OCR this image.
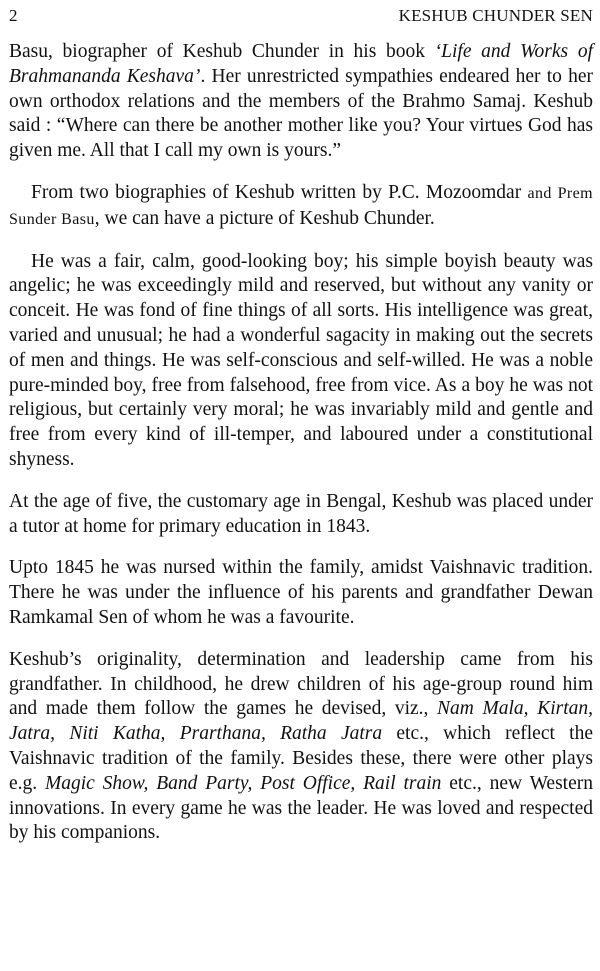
2	KESHUB CHUNDER SEN

Basu, biographer of Keshub Chunder in his book ‘Life and Works of Brahmananda Keshava’. Her unrestricted sympathies endeared her to her own orthodox relations and the members of the Brahmo Samaj. Keshub said : “Where can there be another mother like you? Your virtues God has given me. All that I call my own is yours.”

From two biographies of Keshub written by P.C. Mozoomdar and Prem Sunder Basu, we can have a picture of Keshub Chunder.

He was a fair, calm, good-looking boy; his simple boyish beauty was angelic; he was exceedingly mild and reserved, but without any vanity or conceit. He was fond of fine things of all sorts. His intelligence was great, varied and unusual; he had a wonderful sagacity in making out the secrets of men and things. He was self-conscious and self-willed. He was a noble pure-minded boy, free from falsehood, free from vice. As a boy he was not religious, but certainly very moral; he was invariably mild and gentle and free from every kind of ill-temper, and laboured under a constitutional shyness.

At the age of five, the customary age in Bengal, Keshub was placed under a tutor at home for primary education in 1843.

Upto 1845 he was nursed within the family, amidst Vaishnavic tradition. There he was under the influence of his parents and grandfather Dewan Ramkamal Sen of whom he was a favourite.

Keshub’s originality, determination and leadership came from his grandfather. In childhood, he drew children of his age-group round him and made them follow the games he devised, viz., Nam Mala, Kirtan, Jatra, Niti Katha, Prarthana, Ratha Jatra etc., which reflect the Vaishnavic tradition of the family. Besides these, there were other plays e.g. Magic Show, Band Party, Post Office, Rail train etc., new Western innovations. In every game he was the leader. He was loved and respected by his companions.
